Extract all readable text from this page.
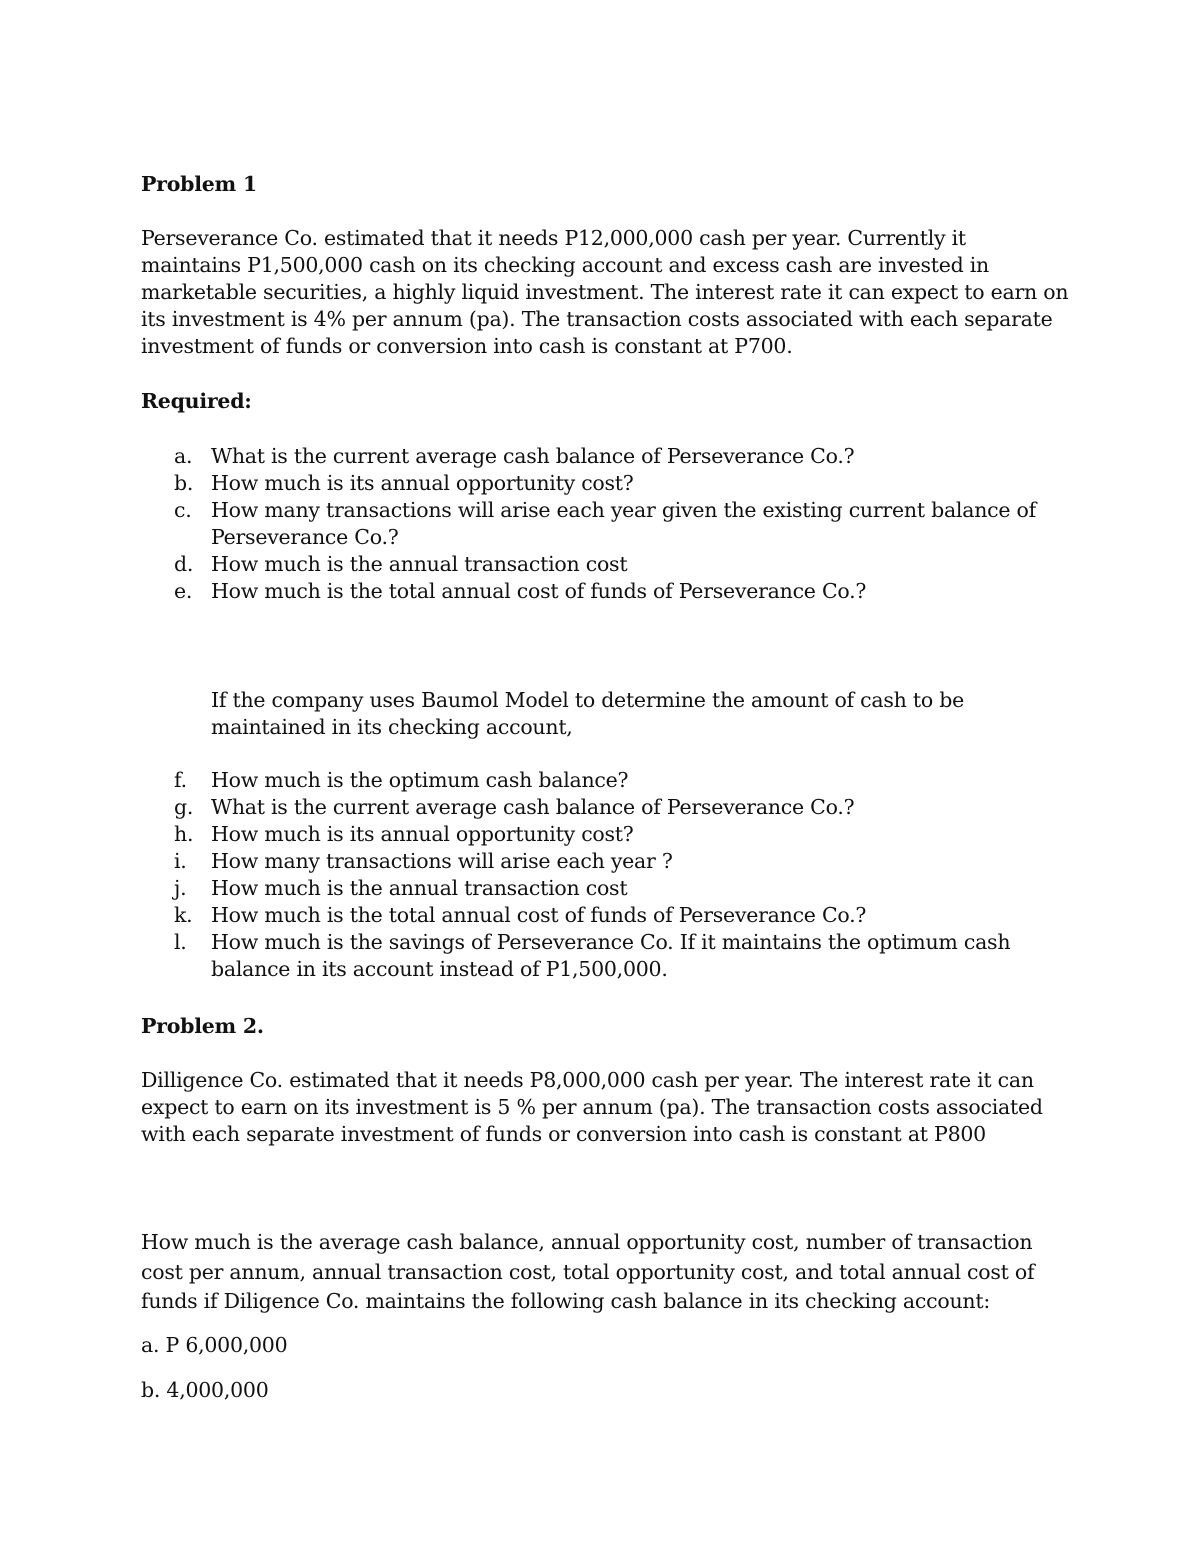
Problem 1

Perseverance Co. estimated that it needs P12,000,000 cash per year. Currently it maintains P1,500,000 cash on its checking account and excess cash are invested in marketable securities, a highly liquid investment. The interest rate it can expect to earn on its investment is 4% per annum (pa). The transaction costs associated with each separate investment of funds or conversion into cash is constant at P700.

Required:
a. What is the current average cash balance of Perseverance Co.?
b. How much is its annual opportunity cost?
c. How many transactions will arise each year given the existing current balance of Perseverance Co.?
d. How much is the annual transaction cost
e. How much is the total annual cost of funds of Perseverance Co.?

If the company uses Baumol Model to determine the amount of cash to be maintained in its checking account,

f. How much is the optimum cash balance?
g. What is the current average cash balance of Perseverance Co.?
h. How much is its annual opportunity cost?
i. How many transactions will arise each year ?
j. How much is the annual transaction cost
k. How much is the total annual cost of funds of Perseverance Co.?
l. How much is the savings of Perseverance Co. If it maintains the optimum cash balance in its account instead of P1,500,000.
Problem 2.

Dilligence Co. estimated that it needs P8,000,000 cash per year. The interest rate it can expect to earn on its investment is 5 % per annum (pa). The transaction costs associated with each separate investment of funds or conversion into cash is constant at P800

How much is the average cash balance, annual opportunity cost, number of transaction cost per annum, annual transaction cost, total opportunity cost, and total annual cost of funds if Diligence Co. maintains the following cash balance in its checking account:

a. P 6,000,000
b. 4,000,000
